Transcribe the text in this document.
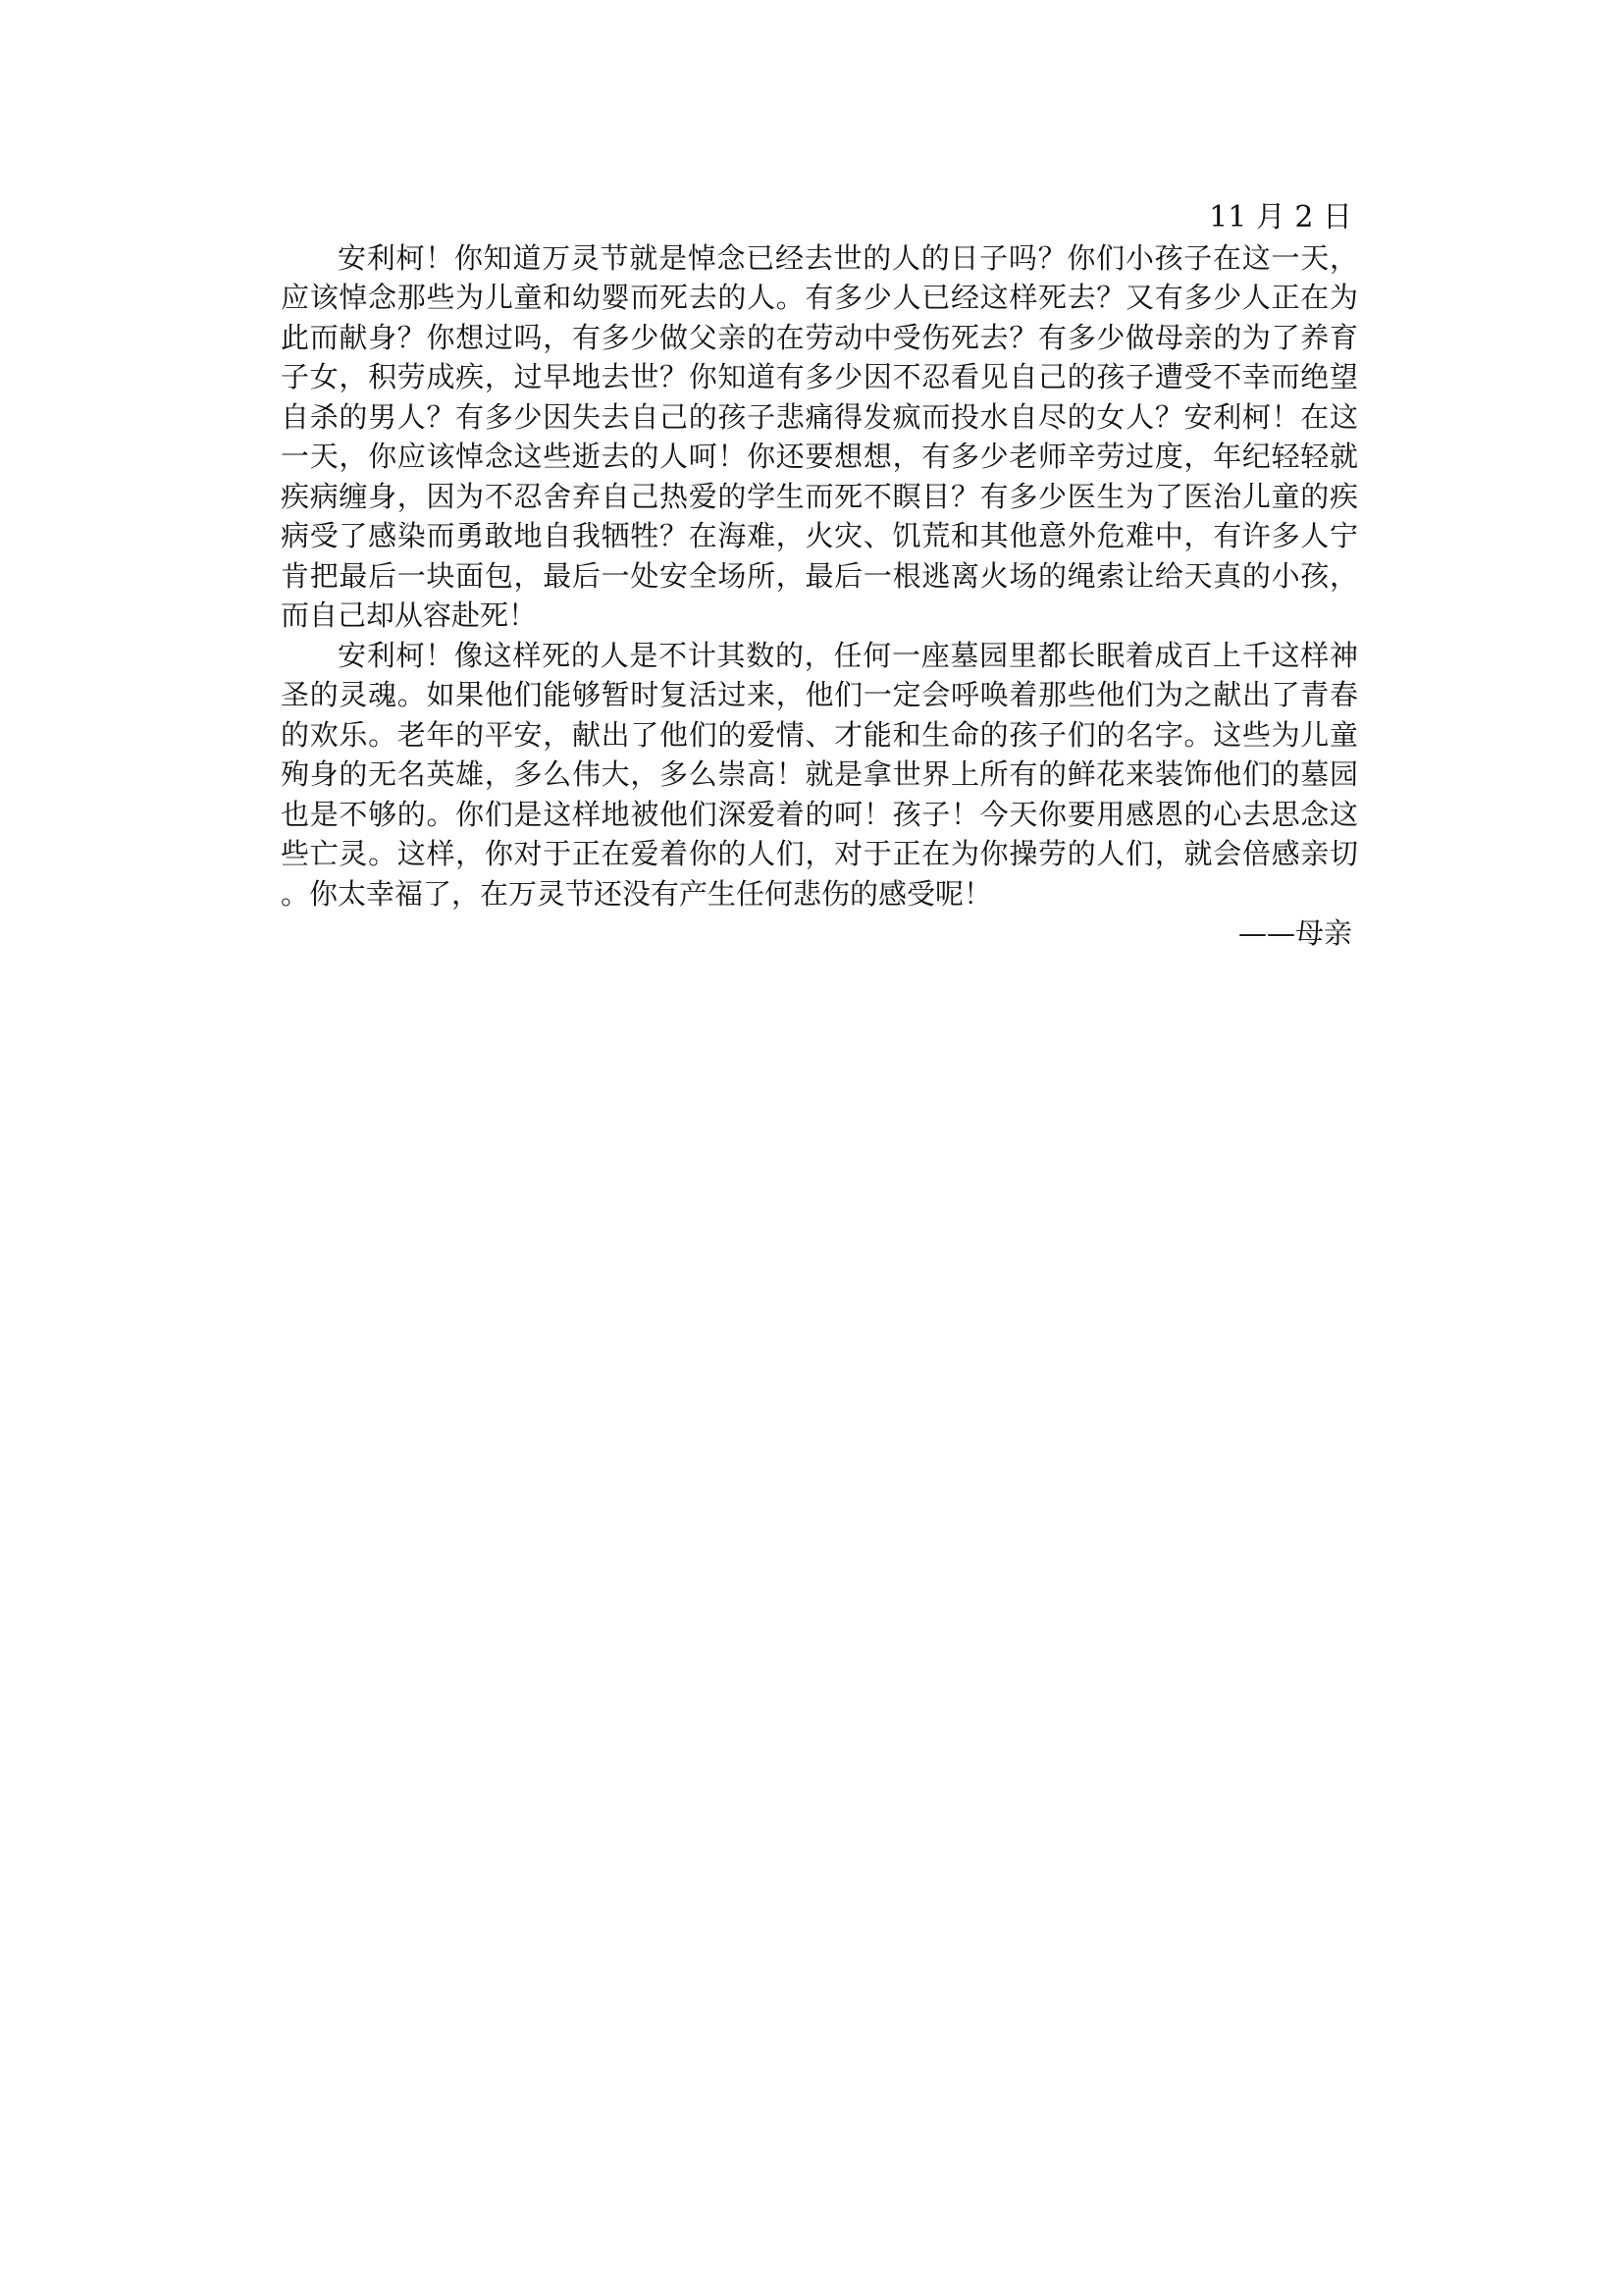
11 月 2 日

安利柯！你知道万灵节就是悼念已经去世的人的日子吗？你们小孩子在这一天，应该悼念那些为儿童和幼婴而死去的人。有多少人已经这样死去？又有多少人正在为此而献身？你想过吗，有多少做父亲的在劳动中受伤死去？有多少做母亲的为了养育子女，积劳成疾，过早地去世？你知道有多少因不忍看见自己的孩子遭受不幸而绝望自杀的男人？有多少因失去自己的孩子悲痛得发疯而投水自尽的女人？安利柯！在这一天，你应该悼念这些逝去的人呵！你还要想想，有多少老师辛劳过度，年纪轻轻就疾病缠身，因为不忍舍弃自己热爱的学生而死不瞑目？有多少医生为了医治儿童的疾病受了感染而勇敢地自我牺牲？在海难，火灾、饥荒和其他意外危难中，有许多人宁肯把最后一块面包，最后一处安全场所，最后一根逃离火场的绳索让给天真的小孩，而自己却从容赴死！

安利柯！像这样死的人是不计其数的，任何一座墓园里都长眠着成百上千这样神圣的灵魂。如果他们能够暂时复活过来，他们一定会呼唤着那些他们为之献出了青春的欢乐。老年的平安，献出了他们的爱情、才能和生命的孩子们的名字。这些为儿童殉身的无名英雄，多么伟大，多么崇高！就是拿世界上所有的鲜花来装饰他们的墓园也是不够的。你们是这样地被他们深爱着的呵！孩子！今天你要用感恩的心去思念这些亡灵。这样，你对于正在爱着你的人们，对于正在为你操劳的人们，就会倍感亲切。你太幸福了，在万灵节还没有产生任何悲伤的感受呢！

——母亲
